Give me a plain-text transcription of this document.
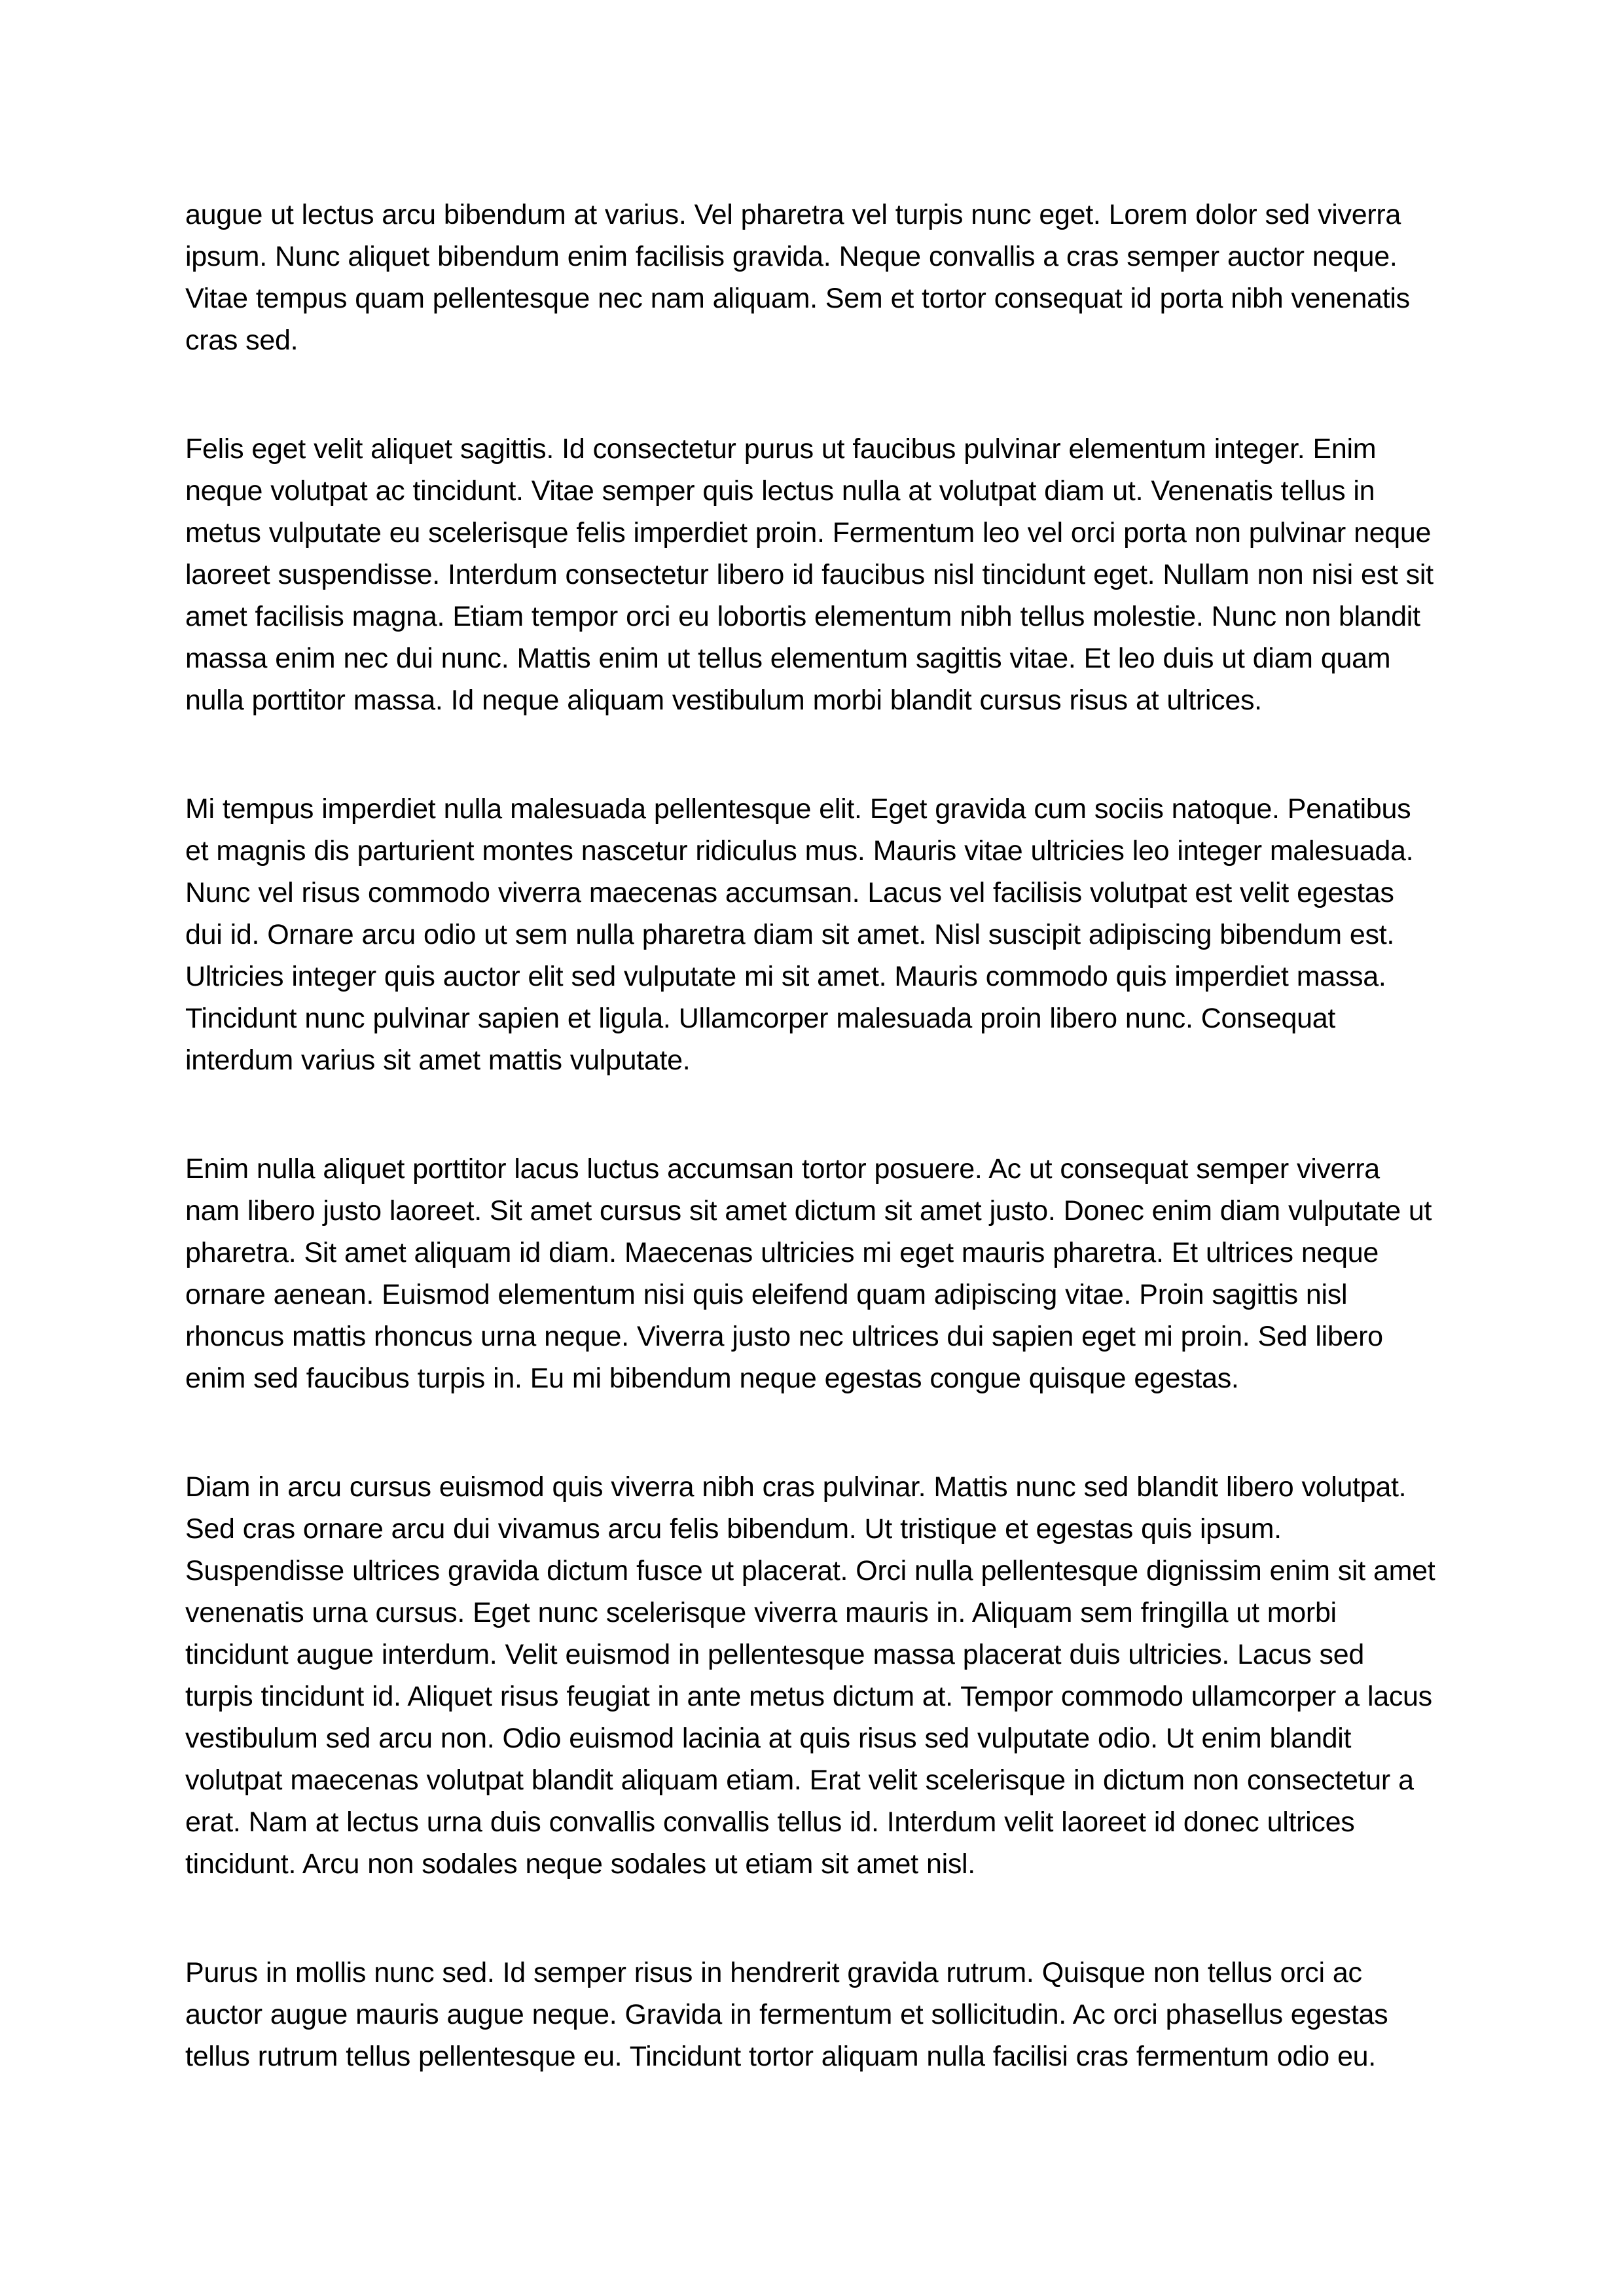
augue ut lectus arcu bibendum at varius. Vel pharetra vel turpis nunc eget. Lorem dolor sed viverra ipsum. Nunc aliquet bibendum enim facilisis gravida. Neque convallis a cras semper auctor neque. Vitae tempus quam pellentesque nec nam aliquam. Sem et tortor consequat id porta nibh venenatis cras sed.

Felis eget velit aliquet sagittis. Id consectetur purus ut faucibus pulvinar elementum integer. Enim neque volutpat ac tincidunt. Vitae semper quis lectus nulla at volutpat diam ut. Venenatis tellus in metus vulputate eu scelerisque felis imperdiet proin. Fermentum leo vel orci porta non pulvinar neque laoreet suspendisse. Interdum consectetur libero id faucibus nisl tincidunt eget. Nullam non nisi est sit amet facilisis magna. Etiam tempor orci eu lobortis elementum nibh tellus molestie. Nunc non blandit massa enim nec dui nunc. Mattis enim ut tellus elementum sagittis vitae. Et leo duis ut diam quam nulla porttitor massa. Id neque aliquam vestibulum morbi blandit cursus risus at ultrices.

Mi tempus imperdiet nulla malesuada pellentesque elit. Eget gravida cum sociis natoque. Penatibus et magnis dis parturient montes nascetur ridiculus mus. Mauris vitae ultricies leo integer malesuada. Nunc vel risus commodo viverra maecenas accumsan. Lacus vel facilisis volutpat est velit egestas dui id. Ornare arcu odio ut sem nulla pharetra diam sit amet. Nisl suscipit adipiscing bibendum est. Ultricies integer quis auctor elit sed vulputate mi sit amet. Mauris commodo quis imperdiet massa. Tincidunt nunc pulvinar sapien et ligula. Ullamcorper malesuada proin libero nunc. Consequat interdum varius sit amet mattis vulputate.

Enim nulla aliquet porttitor lacus luctus accumsan tortor posuere. Ac ut consequat semper viverra nam libero justo laoreet. Sit amet cursus sit amet dictum sit amet justo. Donec enim diam vulputate ut pharetra. Sit amet aliquam id diam. Maecenas ultricies mi eget mauris pharetra. Et ultrices neque ornare aenean. Euismod elementum nisi quis eleifend quam adipiscing vitae. Proin sagittis nisl rhoncus mattis rhoncus urna neque. Viverra justo nec ultrices dui sapien eget mi proin. Sed libero enim sed faucibus turpis in. Eu mi bibendum neque egestas congue quisque egestas.

Diam in arcu cursus euismod quis viverra nibh cras pulvinar. Mattis nunc sed blandit libero volutpat. Sed cras ornare arcu dui vivamus arcu felis bibendum. Ut tristique et egestas quis ipsum. Suspendisse ultrices gravida dictum fusce ut placerat. Orci nulla pellentesque dignissim enim sit amet venenatis urna cursus. Eget nunc scelerisque viverra mauris in. Aliquam sem fringilla ut morbi tincidunt augue interdum. Velit euismod in pellentesque massa placerat duis ultricies. Lacus sed turpis tincidunt id. Aliquet risus feugiat in ante metus dictum at. Tempor commodo ullamcorper a lacus vestibulum sed arcu non. Odio euismod lacinia at quis risus sed vulputate odio. Ut enim blandit volutpat maecenas volutpat blandit aliquam etiam. Erat velit scelerisque in dictum non consectetur a erat. Nam at lectus urna duis convallis convallis tellus id. Interdum velit laoreet id donec ultrices tincidunt. Arcu non sodales neque sodales ut etiam sit amet nisl.

Purus in mollis nunc sed. Id semper risus in hendrerit gravida rutrum. Quisque non tellus orci ac auctor augue mauris augue neque. Gravida in fermentum et sollicitudin. Ac orci phasellus egestas tellus rutrum tellus pellentesque eu. Tincidunt tortor aliquam nulla facilisi cras fermentum odio eu.
